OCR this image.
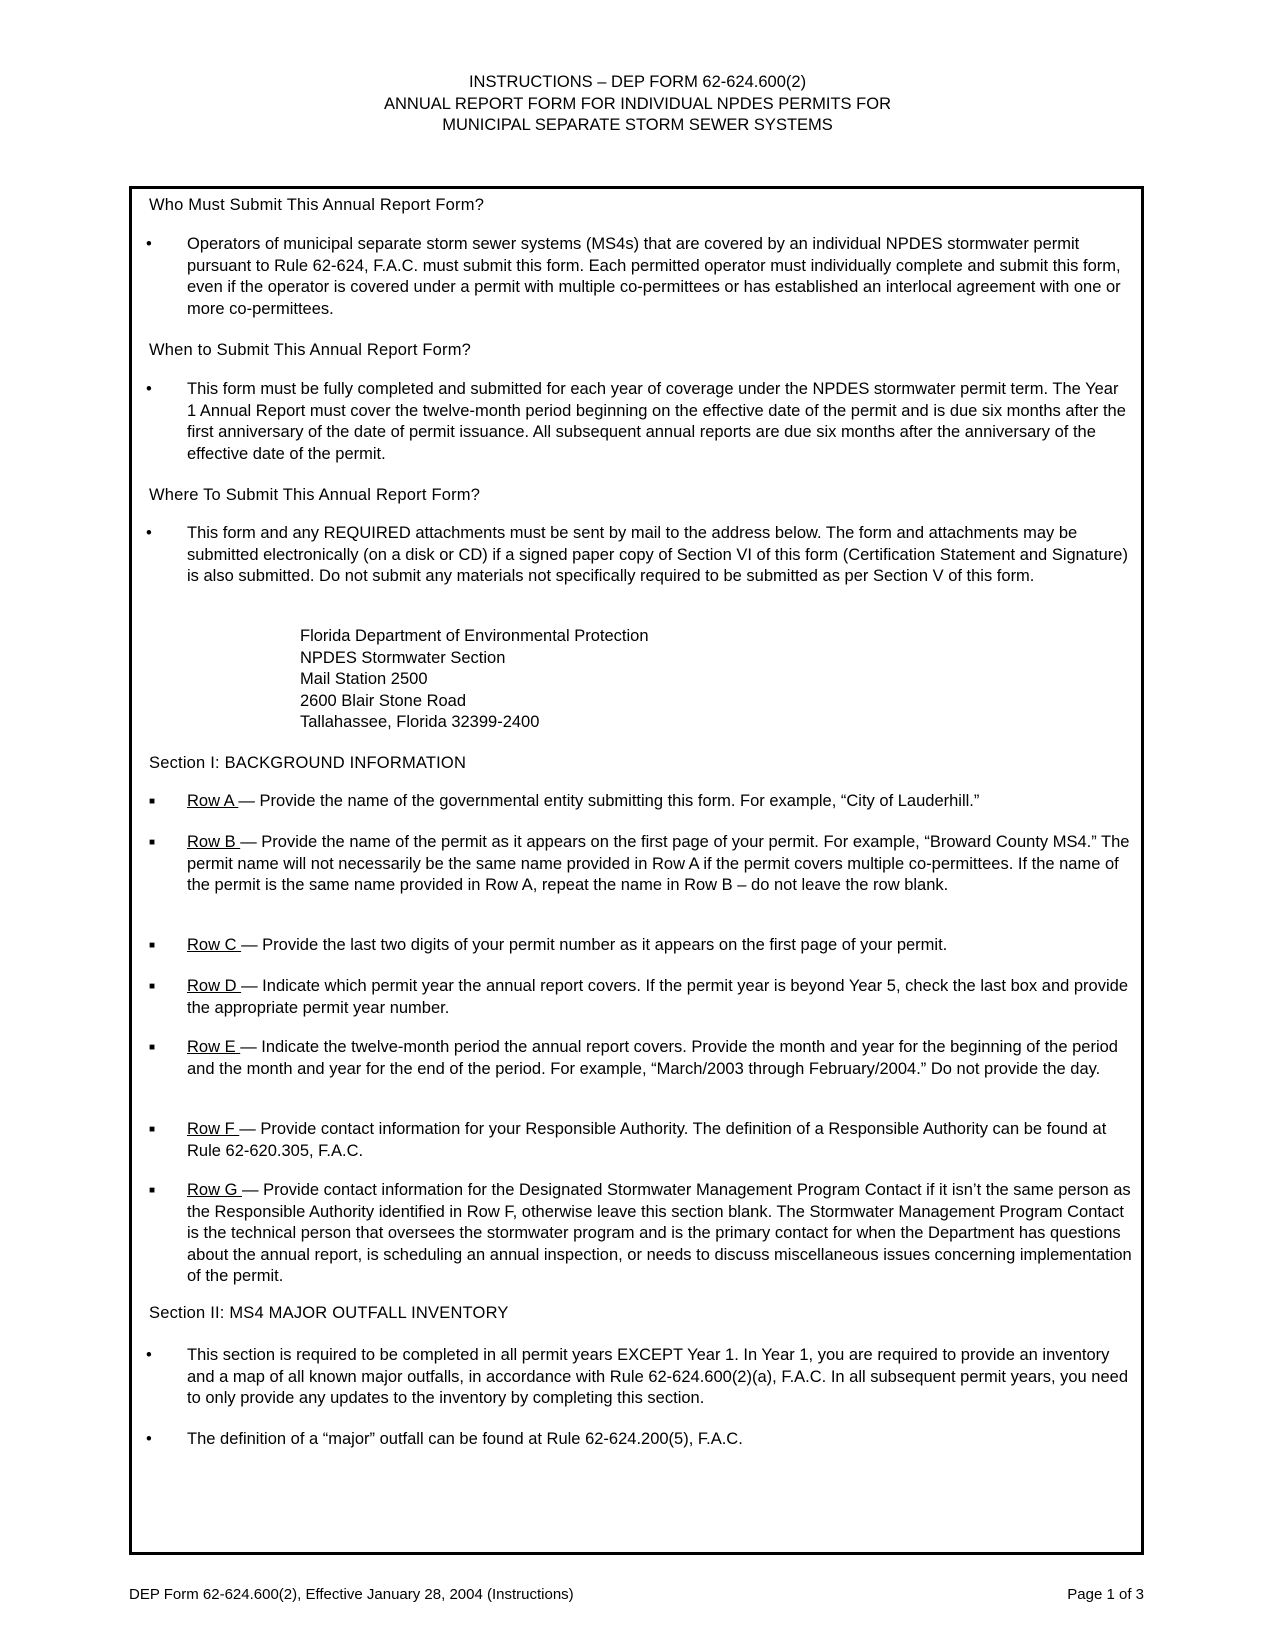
INSTRUCTIONS – DEP FORM 62-624.600(2)
ANNUAL REPORT FORM FOR INDIVIDUAL NPDES PERMITS FOR
MUNICIPAL SEPARATE STORM SEWER SYSTEMS
Who Must Submit This Annual Report Form?
•	Operators of municipal separate storm sewer systems (MS4s) that are covered by an individual NPDES stormwater permit pursuant to Rule 62-624, F.A.C. must submit this form. Each permitted operator must individually complete and submit this form, even if the operator is covered under a permit with multiple co-permittees or has established an interlocal agreement with one or more co-permittees.
When to Submit This Annual Report Form?
•	This form must be fully completed and submitted for each year of coverage under the NPDES stormwater permit term. The Year 1 Annual Report must cover the twelve-month period beginning on the effective date of the permit and is due six months after the first anniversary of the date of permit issuance. All subsequent annual reports are due six months after the anniversary of the effective date of the permit.
Where To Submit This Annual Report Form?
•	This form and any REQUIRED attachments must be sent by mail to the address below. The form and attachments may be submitted electronically (on a disk or CD) if a signed paper copy of Section VI of this form (Certification Statement and Signature) is also submitted. Do not submit any materials not specifically required to be submitted as per Section V of this form.
Florida Department of Environmental Protection
NPDES Stormwater Section
Mail Station 2500
2600 Blair Stone Road
Tallahassee, Florida 32399-2400
Section I: BACKGROUND INFORMATION
■	Row A — Provide the name of the governmental entity submitting this form. For example, “City of Lauderhill.”
■	Row B — Provide the name of the permit as it appears on the first page of your permit. For example, “Broward County MS4.” The permit name will not necessarily be the same name provided in Row A if the permit covers multiple co-permittees. If the name of the permit is the same name provided in Row A, repeat the name in Row B – do not leave the row blank.
■	Row C — Provide the last two digits of your permit number as it appears on the first page of your permit.
■	Row D — Indicate which permit year the annual report covers. If the permit year is beyond Year 5, check the last box and provide the appropriate permit year number.
■	Row E — Indicate the twelve-month period the annual report covers. Provide the month and year for the beginning of the period and the month and year for the end of the period. For example, “March/2003 through February/2004.” Do not provide the day.
■	Row F — Provide contact information for your Responsible Authority. The definition of a Responsible Authority can be found at Rule 62-620.305, F.A.C.
■	Row G — Provide contact information for the Designated Stormwater Management Program Contact if it isn’t the same person as the Responsible Authority identified in Row F, otherwise leave this section blank. The Stormwater Management Program Contact is the technical person that oversees the stormwater program and is the primary contact for when the Department has questions about the annual report, is scheduling an annual inspection, or needs to discuss miscellaneous issues concerning implementation of the permit.
Section II: MS4 MAJOR OUTFALL INVENTORY
•	This section is required to be completed in all permit years EXCEPT Year 1. In Year 1, you are required to provide an inventory and a map of all known major outfalls, in accordance with Rule 62-624.600(2)(a), F.A.C. In all subsequent permit years, you need to only provide any updates to the inventory by completing this section.
•	The definition of a “major” outfall can be found at Rule 62-624.200(5), F.A.C.
DEP Form 62-624.600(2), Effective January 28, 2004 (Instructions)	Page 1 of 3
